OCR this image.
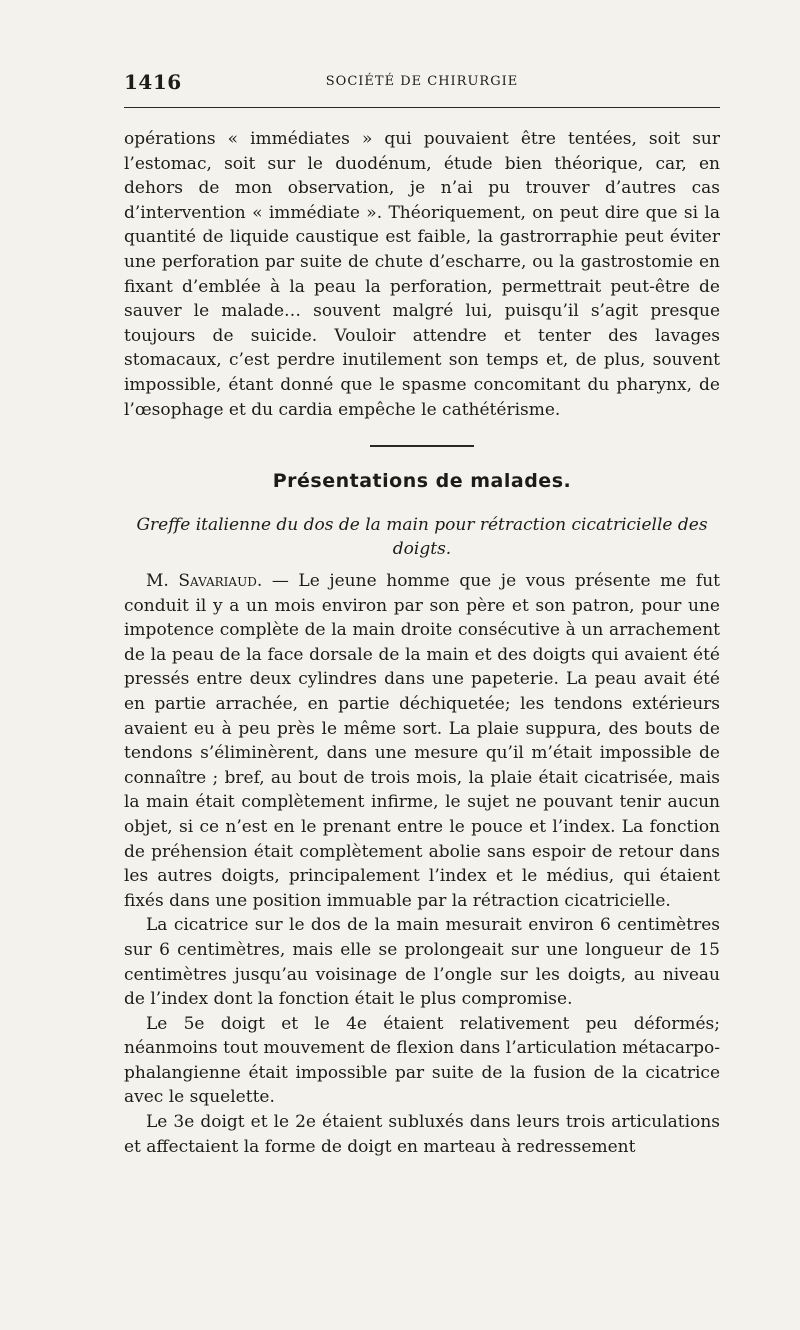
1416	SOCIÉTÉ DE CHIRURGIE

opérations « immédiates » qui pouvaient être tentées, soit sur l’estomac, soit sur le duodénum, étude bien théorique, car, en dehors de mon observation, je n’ai pu trouver d’autres cas d’intervention « immédiate ». Théoriquement, on peut dire que si la quantité de liquide caustique est faible, la gastrorraphie peut éviter une perforation par suite de chute d’escharre, ou la gastrostomie en fixant d’emblée à la peau la perforation, permettrait peut-être de sauver le malade… souvent malgré lui, puisqu’il s’agit presque toujours de suicide. Vouloir attendre et tenter des lavages stomacaux, c’est perdre inutilement son temps et, de plus, souvent impossible, étant donné que le spasme concomitant du pharynx, de l’œsophage et du cardia empêche le cathétérisme.

Présentations de malades.
Greffe italienne du dos de la main pour rétraction cicatricielle des doigts.

M. Savariaud. — Le jeune homme que je vous présente me fut conduit il y a un mois environ par son père et son patron, pour une impotence complète de la main droite consécutive à un arrachement de la peau de la face dorsale de la main et des doigts qui avaient été pressés entre deux cylindres dans une papeterie. La peau avait été en partie arrachée, en partie déchiquetée; les tendons extérieurs avaient eu à peu près le même sort. La plaie suppura, des bouts de tendons s’éliminèrent, dans une mesure qu’il m’était impossible de connaître ; bref, au bout de trois mois, la plaie était cicatrisée, mais la main était complètement infirme, le sujet ne pouvant tenir aucun objet, si ce n’est en le prenant entre le pouce et l’index. La fonction de préhension était complètement abolie sans espoir de retour dans les autres doigts, principalement l’index et le médius, qui étaient fixés dans une position immuable par la rétraction cicatricielle.

La cicatrice sur le dos de la main mesurait environ 6 centimètres sur 6 centimètres, mais elle se prolongeait sur une longueur de 15 centimètres jusqu’au voisinage de l’ongle sur les doigts, au niveau de l’index dont la fonction était le plus compromise.

Le 5e doigt et le 4e étaient relativement peu déformés; néanmoins tout mouvement de flexion dans l’articulation métacarpo-phalangienne était impossible par suite de la fusion de la cicatrice avec le squelette.

Le 3e doigt et le 2e étaient subluxés dans leurs trois articulations et affectaient la forme de doigt en marteau à redressement
